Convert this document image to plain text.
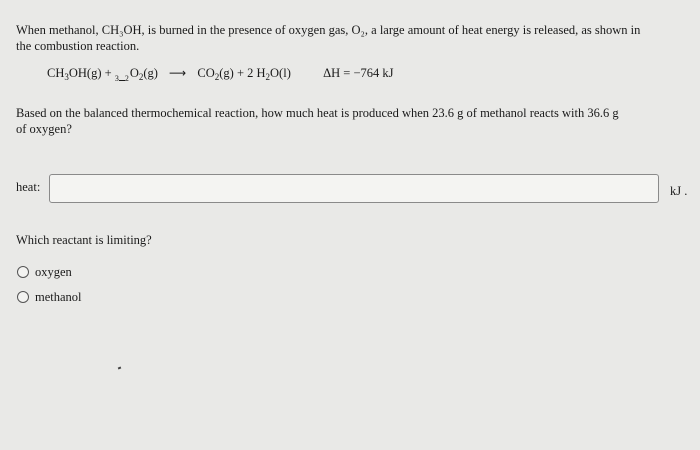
When methanol, CH₃OH, is burned in the presence of oxygen gas, O₂, a large amount of heat energy is released, as shown in
the combustion reaction.
$CH_3OH(g) + 3$ $2O_2(g)$ ⟶ $CO_2(g) + 2$ $H_2O(l)$	ΔH = −764 kJ
Based on the balanced thermochemical reaction, how much heat is produced when 23.6 g of methanol reacts with 36.6 g
of oxygen?
heat:	kJ .
Which reactant is limiting?
oxygen
methanol
